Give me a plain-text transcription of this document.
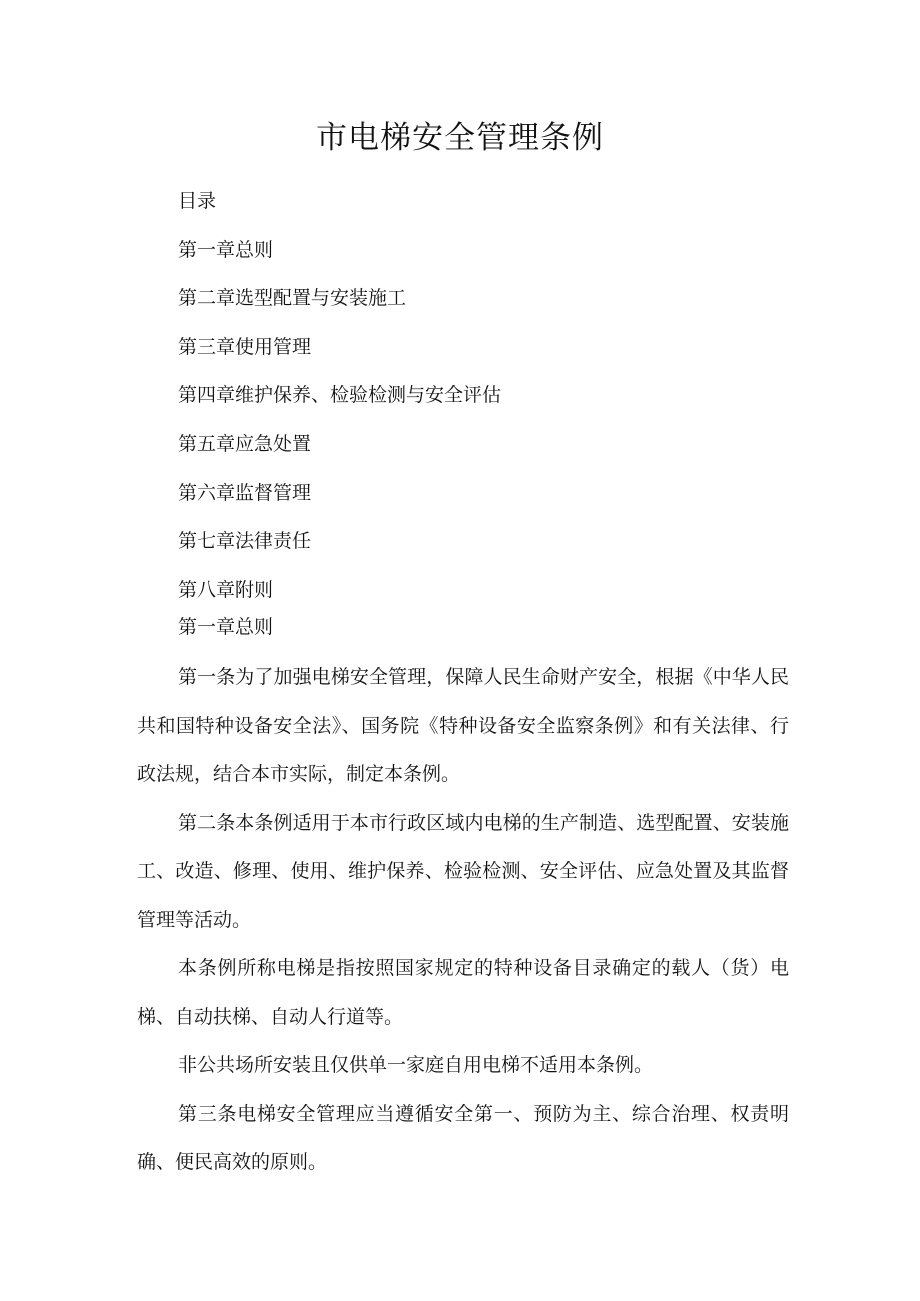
市电梯安全管理条例
目录
第一章总则
第二章选型配置与安装施工
第三章使用管理
第四章维护保养、检验检测与安全评估
第五章应急处置
第六章监督管理
第七章法律责任
第八章附则

第一章总则

第一条为了加强电梯安全管理，保障人民生命财产安全，根据《中华人民共和国特种设备安全法》、国务院《特种设备安全监察条例》和有关法律、行政法规，结合本市实际，制定本条例。

第二条本条例适用于本市行政区域内电梯的生产制造、选型配置、安装施工、改造、修理、使用、维护保养、检验检测、安全评估、应急处置及其监督管理等活动。

本条例所称电梯是指按照国家规定的特种设备目录确定的载人（货）电梯、自动扶梯、自动人行道等。

非公共场所安装且仅供单一家庭自用电梯不适用本条例。

第三条电梯安全管理应当遵循安全第一、预防为主、综合治理、权责明确、便民高效的原则。
